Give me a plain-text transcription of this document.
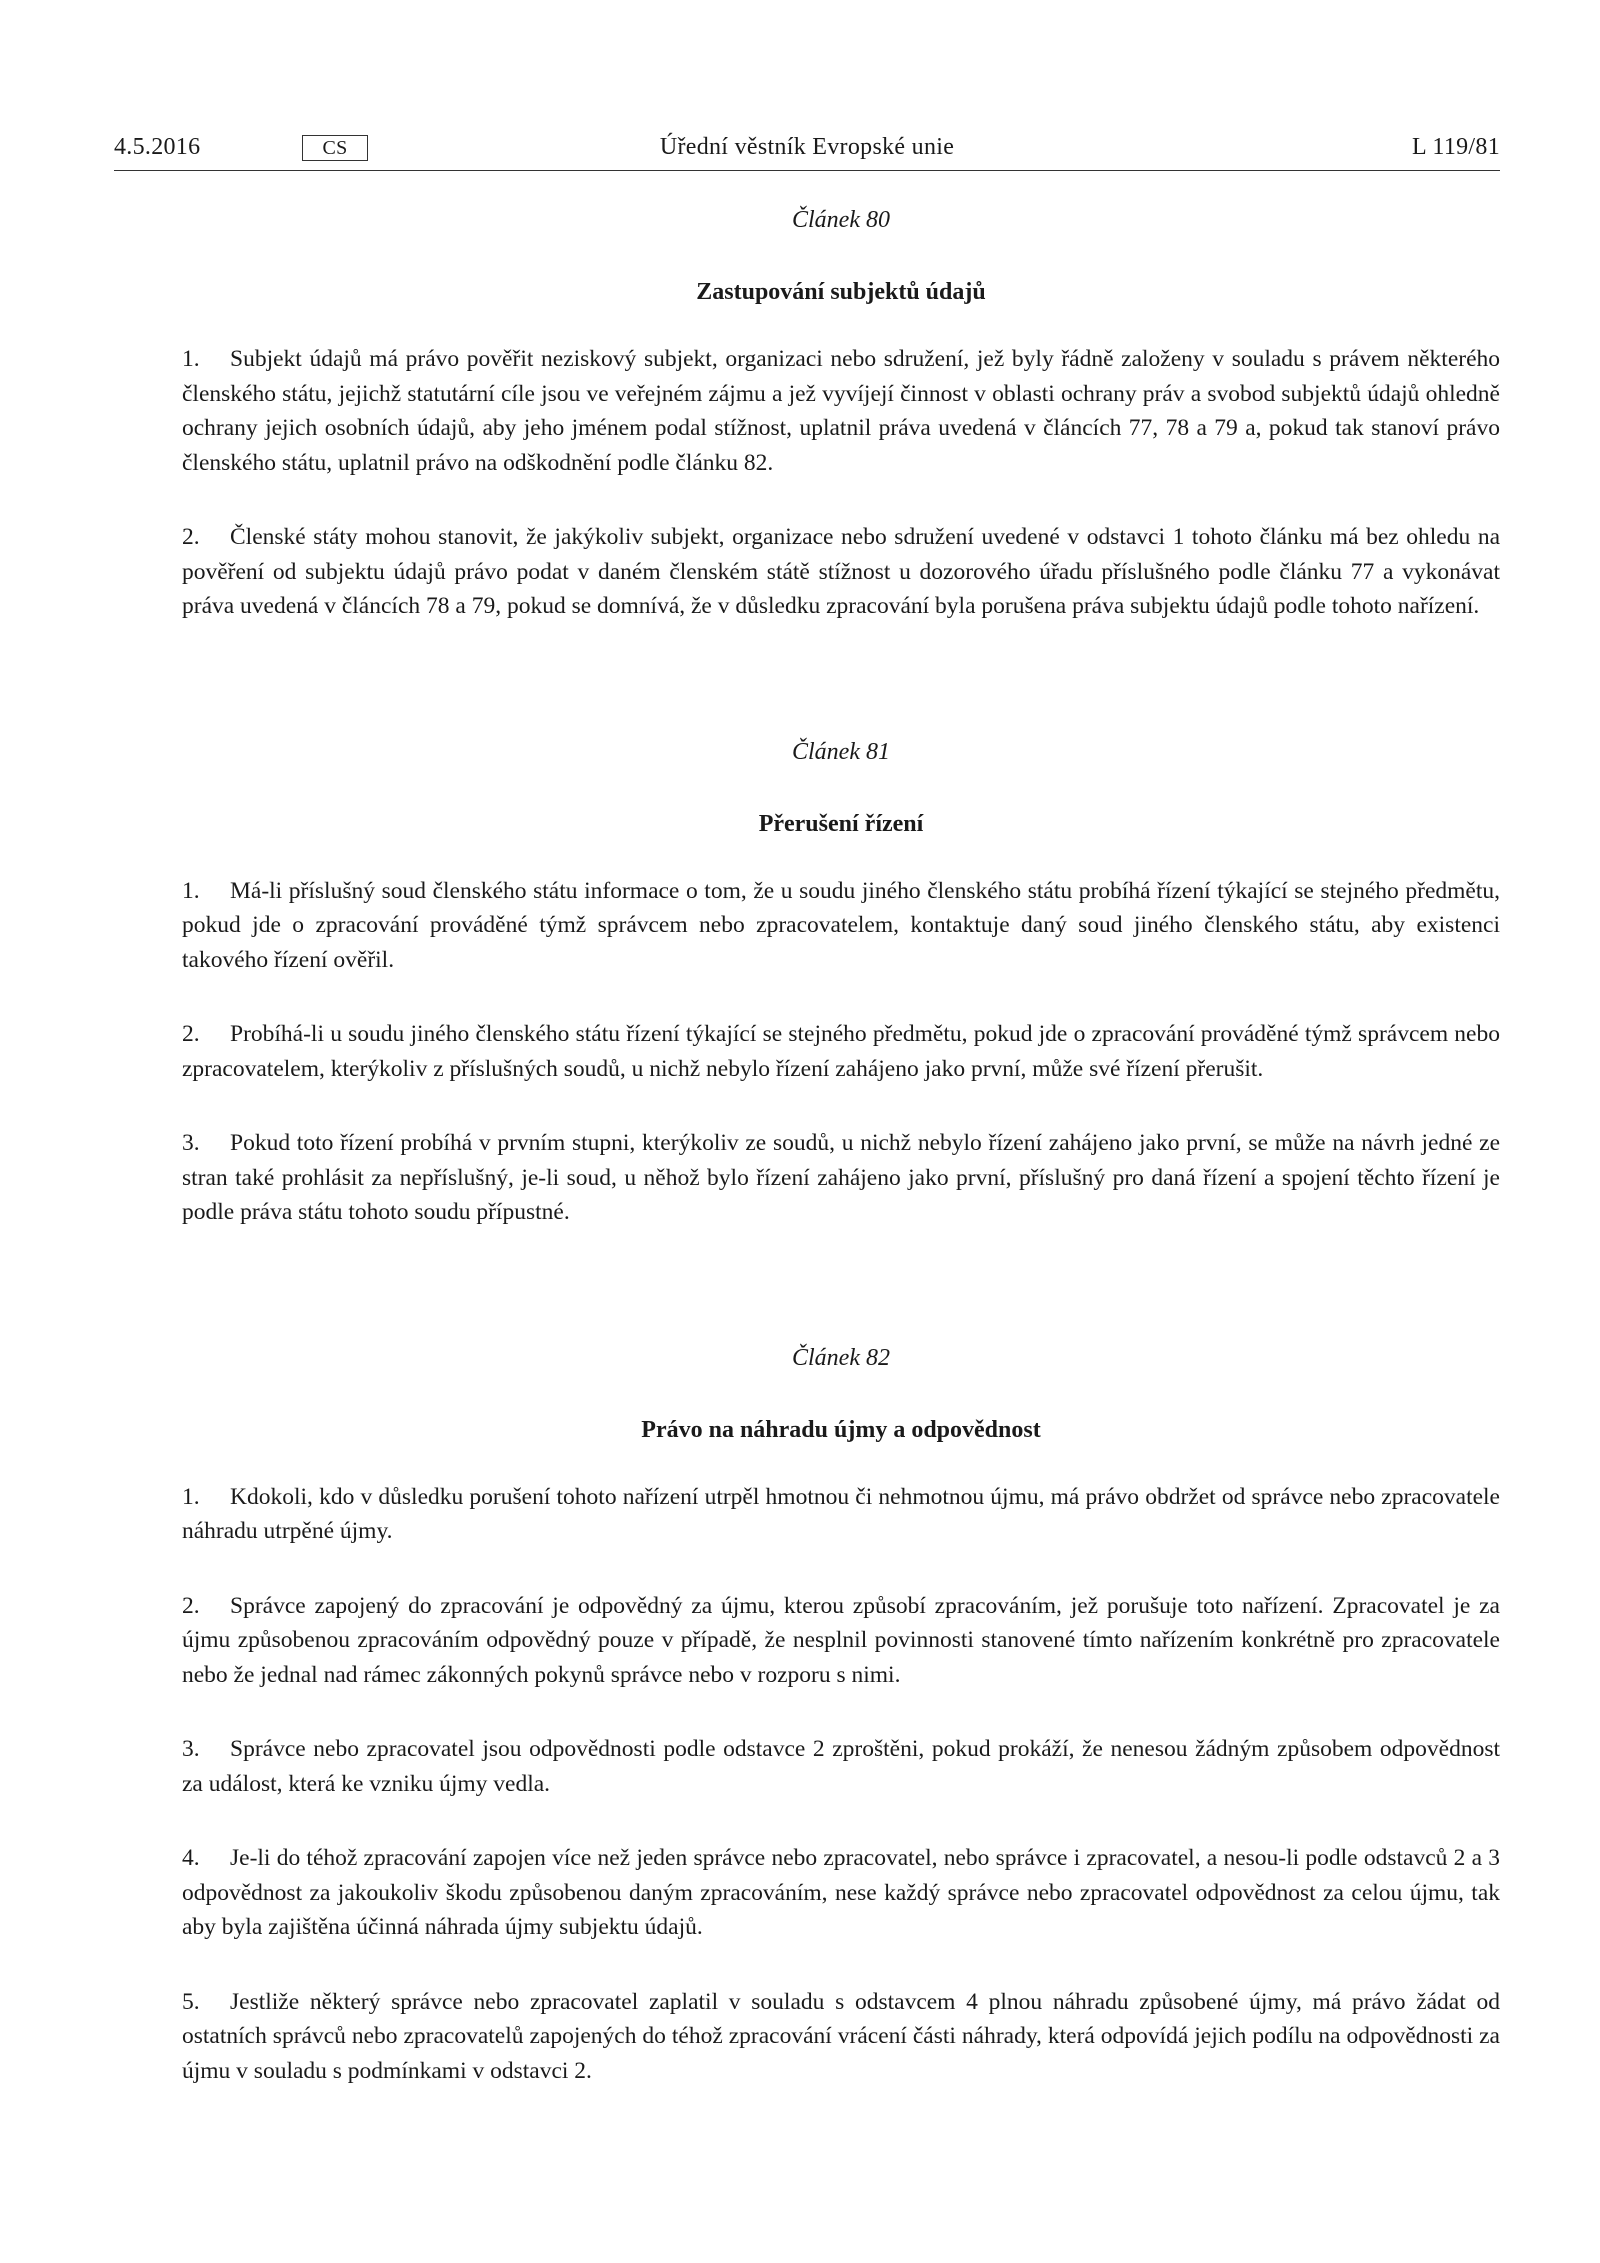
4.5.2016	CS	Úřední věstník Evropské unie	L 119/81

Článek 80

Zastupování subjektů údajů

1. Subjekt údajů má právo pověřit neziskový subjekt, organizaci nebo sdružení, jež byly řádně založeny v souladu s právem některého členského státu, jejichž statutární cíle jsou ve veřejném zájmu a jež vyvíjejí činnost v oblasti ochrany práv a svobod subjektů údajů ohledně ochrany jejich osobních údajů, aby jeho jménem podal stížnost, uplatnil práva uvedená v článcích 77, 78 a 79 a, pokud tak stanoví právo členského státu, uplatnil právo na odškodnění podle článku 82.

2. Členské státy mohou stanovit, že jakýkoliv subjekt, organizace nebo sdružení uvedené v odstavci 1 tohoto článku má bez ohledu na pověření od subjektu údajů právo podat v daném členském státě stížnost u dozorového úřadu příslušného podle článku 77 a vykonávat práva uvedená v článcích 78 a 79, pokud se domnívá, že v důsledku zpracování byla porušena práva subjektu údajů podle tohoto nařízení.

Článek 81

Přerušení řízení

1. Má-li příslušný soud členského státu informace o tom, že u soudu jiného členského státu probíhá řízení týkající se stejného předmětu, pokud jde o zpracování prováděné týmž správcem nebo zpracovatelem, kontaktuje daný soud jiného členského státu, aby existenci takového řízení ověřil.

2. Probíhá-li u soudu jiného členského státu řízení týkající se stejného předmětu, pokud jde o zpracování prováděné týmž správcem nebo zpracovatelem, kterýkoliv z příslušných soudů, u nichž nebylo řízení zahájeno jako první, může své řízení přerušit.

3. Pokud toto řízení probíhá v prvním stupni, kterýkoliv ze soudů, u nichž nebylo řízení zahájeno jako první, se může na návrh jedné ze stran také prohlásit za nepříslušný, je-li soud, u něhož bylo řízení zahájeno jako první, příslušný pro daná řízení a spojení těchto řízení je podle práva státu tohoto soudu přípustné.

Článek 82

Právo na náhradu újmy a odpovědnost

1. Kdokoli, kdo v důsledku porušení tohoto nařízení utrpěl hmotnou či nehmotnou újmu, má právo obdržet od správce nebo zpracovatele náhradu utrpěné újmy.

2. Správce zapojený do zpracování je odpovědný za újmu, kterou způsobí zpracováním, jež porušuje toto nařízení. Zpracovatel je za újmu způsobenou zpracováním odpovědný pouze v případě, že nesplnil povinnosti stanovené tímto nařízením konkrétně pro zpracovatele nebo že jednal nad rámec zákonných pokynů správce nebo v rozporu s nimi.

3. Správce nebo zpracovatel jsou odpovědnosti podle odstavce 2 zproštěni, pokud prokáží, že nenesou žádným způsobem odpovědnost za událost, která ke vzniku újmy vedla.

4. Je-li do téhož zpracování zapojen více než jeden správce nebo zpracovatel, nebo správce i zpracovatel, a nesou-li podle odstavců 2 a 3 odpovědnost za jakoukoliv škodu způsobenou daným zpracováním, nese každý správce nebo zpracovatel odpovědnost za celou újmu, tak aby byla zajištěna účinná náhrada újmy subjektu údajů.

5. Jestliže některý správce nebo zpracovatel zaplatil v souladu s odstavcem 4 plnou náhradu způsobené újmy, má právo žádat od ostatních správců nebo zpracovatelů zapojených do téhož zpracování vrácení části náhrady, která odpovídá jejich podílu na odpovědnosti za újmu v souladu s podmínkami v odstavci 2.
